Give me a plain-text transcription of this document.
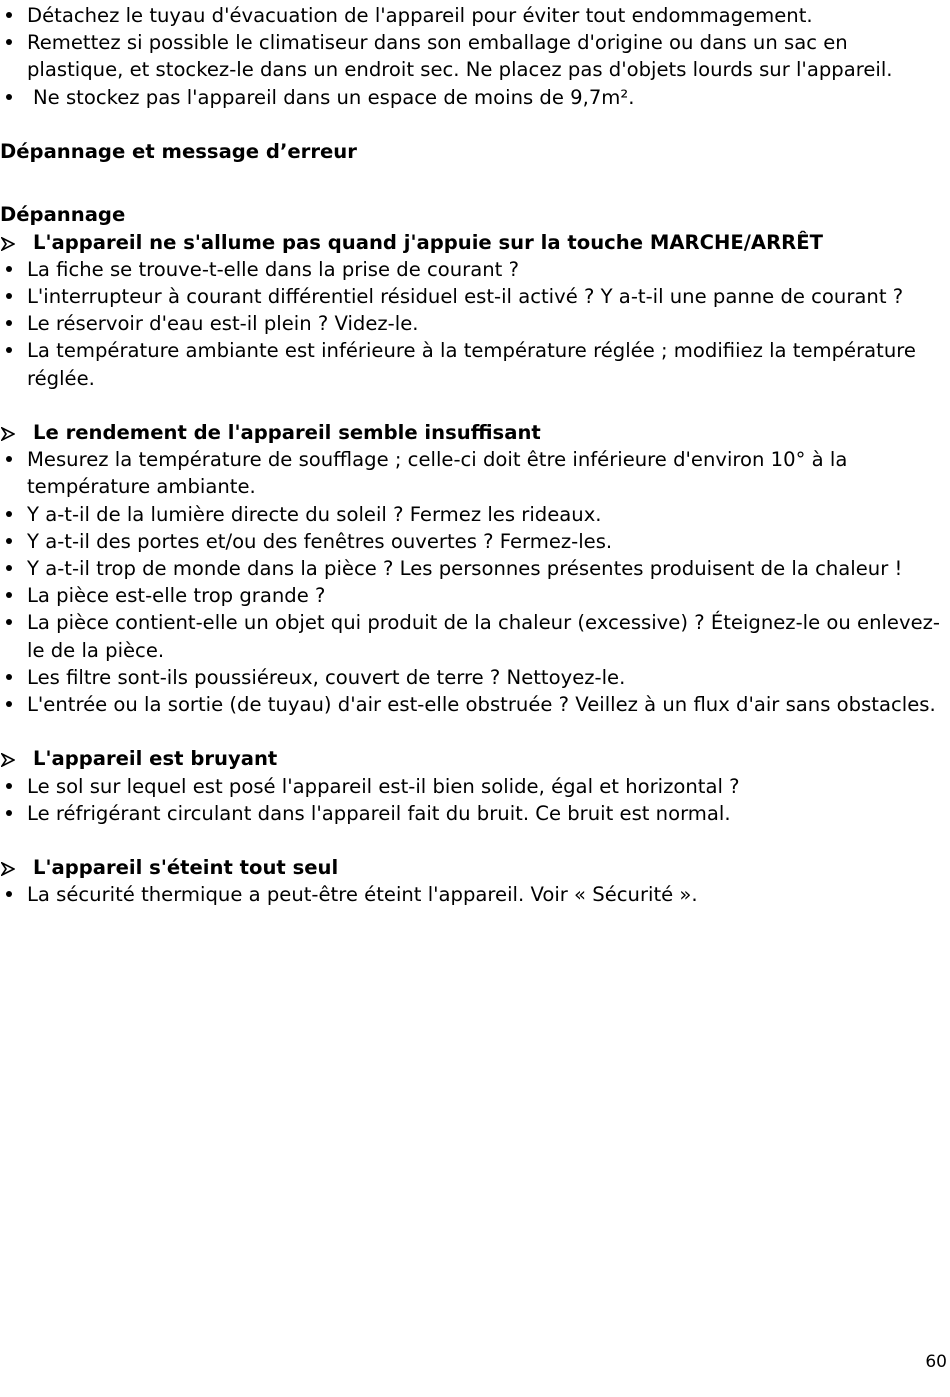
Détachez le tuyau d'évacuation de l'appareil pour éviter tout endommagement.
Remettez si possible le climatiseur dans son emballage d'origine ou dans un sac en plastique, et stockez-le dans un endroit sec. Ne placez pas d'objets lourds sur l'appareil.
Ne stockez pas l'appareil dans un espace de moins de 9,7m².
Dépannage et message d’erreur
Dépannage
L'appareil ne s'allume pas quand j'appuie sur la touche MARCHE/ARRÊT
La fiche se trouve-t-elle dans la prise de courant ?
L'interrupteur à courant différentiel résiduel est-il activé ? Y a-t-il une panne de courant ?
Le réservoir d'eau est-il plein ? Videz-le.
La température ambiante est inférieure à la température réglée ; modifiiez la température réglée.
Le rendement de l'appareil semble insuffisant
Mesurez la température de soufflage ; celle-ci doit être inférieure d'environ 10° à la température ambiante.
Y a-t-il de la lumière directe du soleil ? Fermez les rideaux.
Y a-t-il des portes et/ou des fenêtres ouvertes ? Fermez-les.
Y a-t-il trop de monde dans la pièce ? Les personnes présentes produisent de la chaleur !
La pièce est-elle trop grande ?
La pièce contient-elle un objet qui produit de la chaleur (excessive) ? Éteignez-le ou enlevez-le de la pièce.
Les filtre sont-ils poussiéreux, couvert de terre ? Nettoyez-le.
L'entrée ou la sortie (de tuyau) d'air est-elle obstruée ? Veillez à un flux d'air sans obstacles.
L'appareil est bruyant
Le sol sur lequel est posé l'appareil est-il bien solide, égal et horizontal ?
Le réfrigérant circulant dans l'appareil fait du bruit. Ce bruit est normal.
L'appareil s'éteint tout seul
La sécurité thermique a peut-être éteint l'appareil. Voir « Sécurité ».
60
